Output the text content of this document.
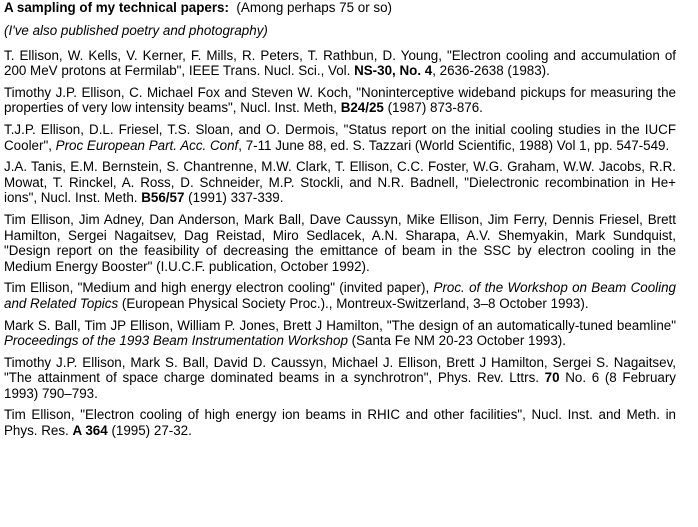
A sampling of my technical papers: (Among perhaps 75 or so)

(I've also published poetry and photography)

T. Ellison, W. Kells, V. Kerner, F. Mills, R. Peters, T. Rathbun, D. Young, "Electron cooling and accumulation of 200 MeV protons at Fermilab", IEEE Trans. Nucl. Sci., Vol. NS-30, No. 4, 2636-2638 (1983).

Timothy J.P. Ellison, C. Michael Fox and Steven W. Koch, "Noninterceptive wideband pickups for measuring the properties of very low intensity beams", Nucl. Inst. Meth, B24/25 (1987) 873-876.

T.J.P. Ellison, D.L. Friesel, T.S. Sloan, and O. Dermois, "Status report on the initial cooling studies in the IUCF Cooler", Proc European Part. Acc. Conf, 7-11 June 88, ed. S. Tazzari (World Scientific, 1988) Vol 1, pp. 547-549.

J.A. Tanis, E.M. Bernstein, S. Chantrenne, M.W. Clark, T. Ellison, C.C. Foster, W.G. Graham, W.W. Jacobs, R.R. Mowat, T. Rinckel, A. Ross, D. Schneider, M.P. Stockli, and N.R. Badnell, "Dielectronic recombination in He+ ions", Nucl. Inst. Meth. B56/57 (1991) 337-339.

Tim Ellison, Jim Adney, Dan Anderson, Mark Ball, Dave Caussyn, Mike Ellison, Jim Ferry, Dennis Friesel, Brett Hamilton, Sergei Nagaitsev, Dag Reistad, Miro Sedlacek, A.N. Sharapa, A.V. Shemyakin, Mark Sundquist, "Design report on the feasibility of decreasing the emittance of beam in the SSC by electron cooling in the Medium Energy Booster" (I.U.C.F. publication, October 1992).

Tim Ellison, "Medium and high energy electron cooling" (invited paper), Proc. of the Workshop on Beam Cooling and Related Topics (European Physical Society Proc.)., Montreux-Switzerland, 3–8 October 1993).

Mark S. Ball, Tim JP Ellison, William P. Jones, Brett J Hamilton, "The design of an automatically-tuned beamline" Proceedings of the 1993 Beam Instrumentation Workshop (Santa Fe NM 20-23 October 1993).

Timothy J.P. Ellison, Mark S. Ball, David D. Caussyn, Michael J. Ellison, Brett J Hamilton, Sergei S. Nagaitsev, "The attainment of space charge dominated beams in a synchrotron", Phys. Rev. Lttrs. 70 No. 6 (8 February 1993) 790–793.

Tim Ellison, "Electron cooling of high energy ion beams in RHIC and other facilities", Nucl. Inst. and Meth. in Phys. Res. A 364 (1995) 27-32.
